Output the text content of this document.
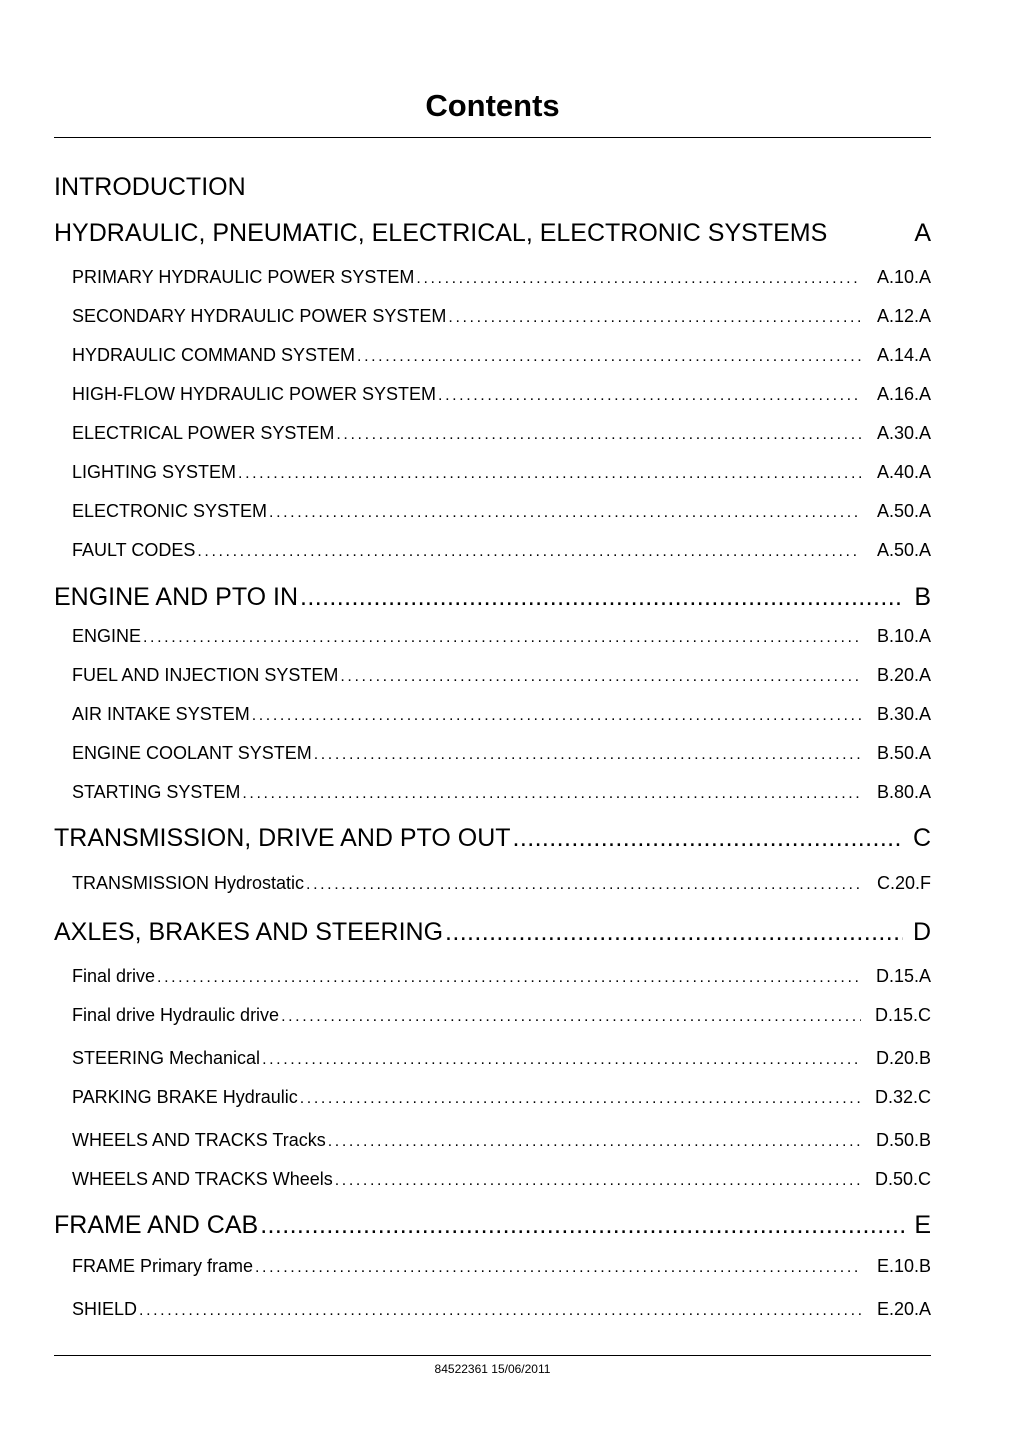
Contents
INTRODUCTION
HYDRAULIC, PNEUMATIC, ELECTRICAL, ELECTRONIC SYSTEMS	A
PRIMARY HYDRAULIC POWER SYSTEM .....	A.10.A
SECONDARY HYDRAULIC POWER SYSTEM .....	A.12.A
HYDRAULIC COMMAND SYSTEM .....	A.14.A
HIGH-FLOW HYDRAULIC POWER SYSTEM .....	A.16.A
ELECTRICAL POWER SYSTEM .....	A.30.A
LIGHTING SYSTEM .....	A.40.A
ELECTRONIC SYSTEM .....	A.50.A
FAULT CODES .....	A.50.A
ENGINE AND PTO IN .....	B
ENGINE .....	B.10.A
FUEL AND INJECTION SYSTEM .....	B.20.A
AIR INTAKE SYSTEM .....	B.30.A
ENGINE COOLANT SYSTEM .....	B.50.A
STARTING SYSTEM .....	B.80.A
TRANSMISSION, DRIVE AND PTO OUT .....	C
TRANSMISSION Hydrostatic .....	C.20.F
AXLES, BRAKES AND STEERING .....	D
Final drive .....	D.15.A
Final drive Hydraulic drive .....	D.15.C
STEERING Mechanical .....	D.20.B
PARKING BRAKE Hydraulic .....	D.32.C
WHEELS AND TRACKS Tracks .....	D.50.B
WHEELS AND TRACKS Wheels .....	D.50.C
FRAME AND CAB .....	E
FRAME Primary frame .....	E.10.B
SHIELD .....	E.20.A
84522361 15/06/2011
